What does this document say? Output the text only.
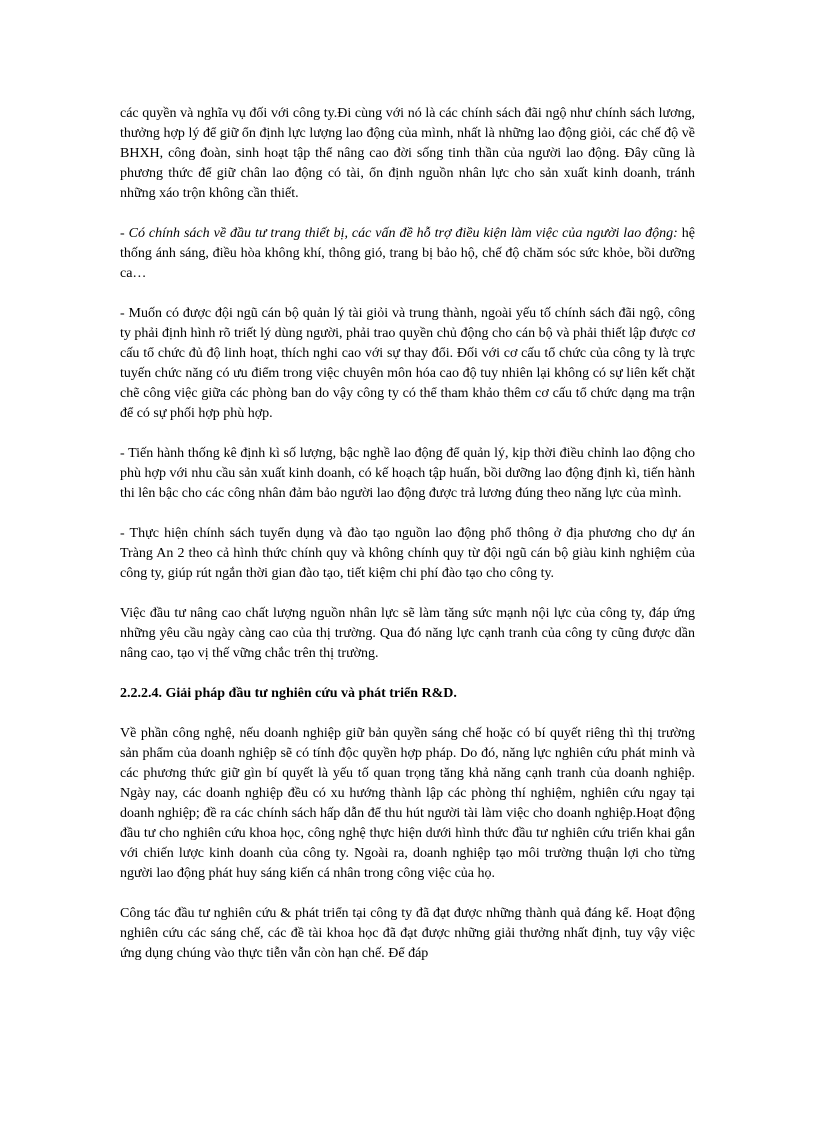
các quyền và nghĩa vụ đối với công ty.Đi cùng với nó là các chính sách đãi ngộ như chính sách lương, thưởng hợp lý để giữ ổn định lực lượng lao động của mình, nhất là những lao động giỏi, các chế độ về BHXH, công đoàn, sinh hoạt tập thể nâng cao đời sống tinh thần của người lao động. Đây cũng là phương thức để giữ chân lao động có tài, ổn định nguồn nhân lực cho sản xuất kinh doanh, tránh những xáo trộn không cần thiết.

- Có chính sách về đầu tư trang thiết bị, các vấn đề hỗ trợ điều kiện làm việc của người lao động: hệ thống ánh sáng, điều hòa không khí, thông gió, trang bị bảo hộ, chế độ chăm sóc sức khỏe, bồi dưỡng ca…

- Muốn có được đội ngũ cán bộ quản lý tài giỏi và trung thành, ngoài yếu tố chính sách đãi ngộ, công ty phải định hình rõ triết lý dùng người, phải trao quyền chủ động cho cán bộ và phải thiết lập được cơ cấu tổ chức đủ độ linh hoạt, thích nghi cao với sự thay đổi. Đối với cơ cấu tổ chức của công ty là trực tuyến chức năng có ưu điểm trong việc chuyên môn hóa cao độ tuy nhiên lại không có sự liên kết chặt chẽ công việc giữa các phòng ban do vậy công ty có thể tham khảo thêm cơ cấu tổ chức dạng ma trận để có sự phối hợp phù hợp.

- Tiến hành thống kê định kì số lượng, bậc nghề lao động để quản lý, kịp thời điều chỉnh lao động cho phù hợp với nhu cầu sản xuất kinh doanh, có kế hoạch tập huấn, bồi dưỡng lao động định kì, tiến hành thi lên bậc cho các công nhân đảm bảo người lao động được trả lương đúng theo năng lực của mình.

- Thực hiện chính sách tuyển dụng và đào tạo nguồn lao động phổ thông ở địa phương cho dự án Tràng An 2 theo cả hình thức chính quy và không chính quy từ đội ngũ cán bộ giàu kinh nghiệm của công ty, giúp rút ngắn thời gian đào tạo, tiết kiệm chi phí đào tạo cho công ty.

Việc đầu tư nâng cao chất lượng nguồn nhân lực sẽ làm tăng sức mạnh nội lực của công ty, đáp ứng những yêu cầu ngày càng cao của thị trường. Qua đó năng lực cạnh tranh của công ty cũng được dần nâng cao, tạo vị thế vững chắc trên thị trường.

2.2.2.4. Giải pháp đầu tư nghiên cứu và phát triển R&D.

Về phần công nghệ, nếu doanh nghiệp giữ bản quyền sáng chế hoặc có bí quyết riêng thì thị trường sản phẩm của doanh nghiệp sẽ có tính độc quyền hợp pháp. Do đó, năng lực nghiên cứu phát minh và các phương thức giữ gìn bí quyết là yếu tố quan trọng tăng khả năng cạnh tranh của doanh nghiệp. Ngày nay, các doanh nghiệp đều có xu hướng thành lập các phòng thí nghiệm, nghiên cứu ngay tại doanh nghiệp; đề ra các chính sách hấp dẫn để thu hút người tài làm việc cho doanh nghiệp.Hoạt động đầu tư cho nghiên cứu khoa học, công nghệ thực hiện dưới hình thức đầu tư nghiên cứu triển khai gắn với chiến lược kinh doanh của công ty. Ngoài ra, doanh nghiệp tạo môi trường thuận lợi cho từng người lao động phát huy sáng kiến cá nhân trong công việc của họ.

Công tác đầu tư nghiên cứu & phát triển tại công ty đã đạt được những thành quả đáng kể. Hoạt động nghiên cứu các sáng chế, các đề tài khoa học đã đạt được những giải thưởng nhất định, tuy vậy việc ứng dụng chúng vào thực tiễn vẫn còn hạn chế. Để đáp
